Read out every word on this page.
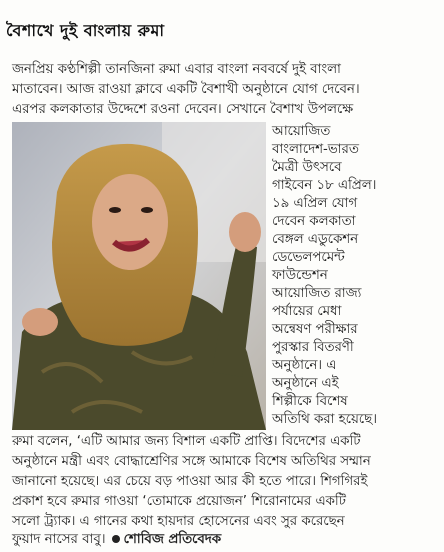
বৈশাখে দুই বাংলায় রুমা
জনপ্রিয় কণ্ঠশিল্পী তানজিনা রুমা এবার বাংলা নববর্ষে দুই বাংলা
মাতাবেন। আজ রাওয়া ক্লাবে একটি বৈশাখী অনুষ্ঠানে যোগ দেবেন।
এরপর কলকাতার উদ্দেশে রওনা দেবেন। সেখানে বৈশাখ উপলক্ষে
আয়োজিত
বাংলাদেশ-ভারত
মৈত্রী উৎসবে
গাইবেন ১৮ এপ্রিল।
১৯ এপ্রিল যোগ
দেবেন কলকাতা
বেঙ্গল এডুকেশন
ডেভেলপমেন্ট
ফাউন্ডেশন
আয়োজিত রাজ্য
পর্যায়ের মেধা
অন্বেষণ পরীক্ষার
পুরস্কার বিতরণী
অনুষ্ঠানে। এ
অনুষ্ঠানে এই
শিল্পীকে বিশেষ
অতিথি করা হয়েছে।
রুমা বলেন, ‘এটি আমার জন্য বিশাল একটি প্রাপ্তি। বিদেশের একটি
অনুষ্ঠানে মন্ত্রী এবং বোদ্ধাশ্রেণির সঙ্গে আমাকে বিশেষ অতিথির সম্মান
জানানো হয়েছে। এর চেয়ে বড় পাওয়া আর কী হতে পারে। শিগগিরই
প্রকাশ হবে রুমার গাওয়া ‘তোমাকে প্রয়োজন’ শিরোনামের একটি
সলো ট্র্যাক। এ গানের কথা হায়দার হোসেনের এবং সুর করেছেন
ফুয়াদ নাসের বাবু। শোবিজ প্রতিবেদক
